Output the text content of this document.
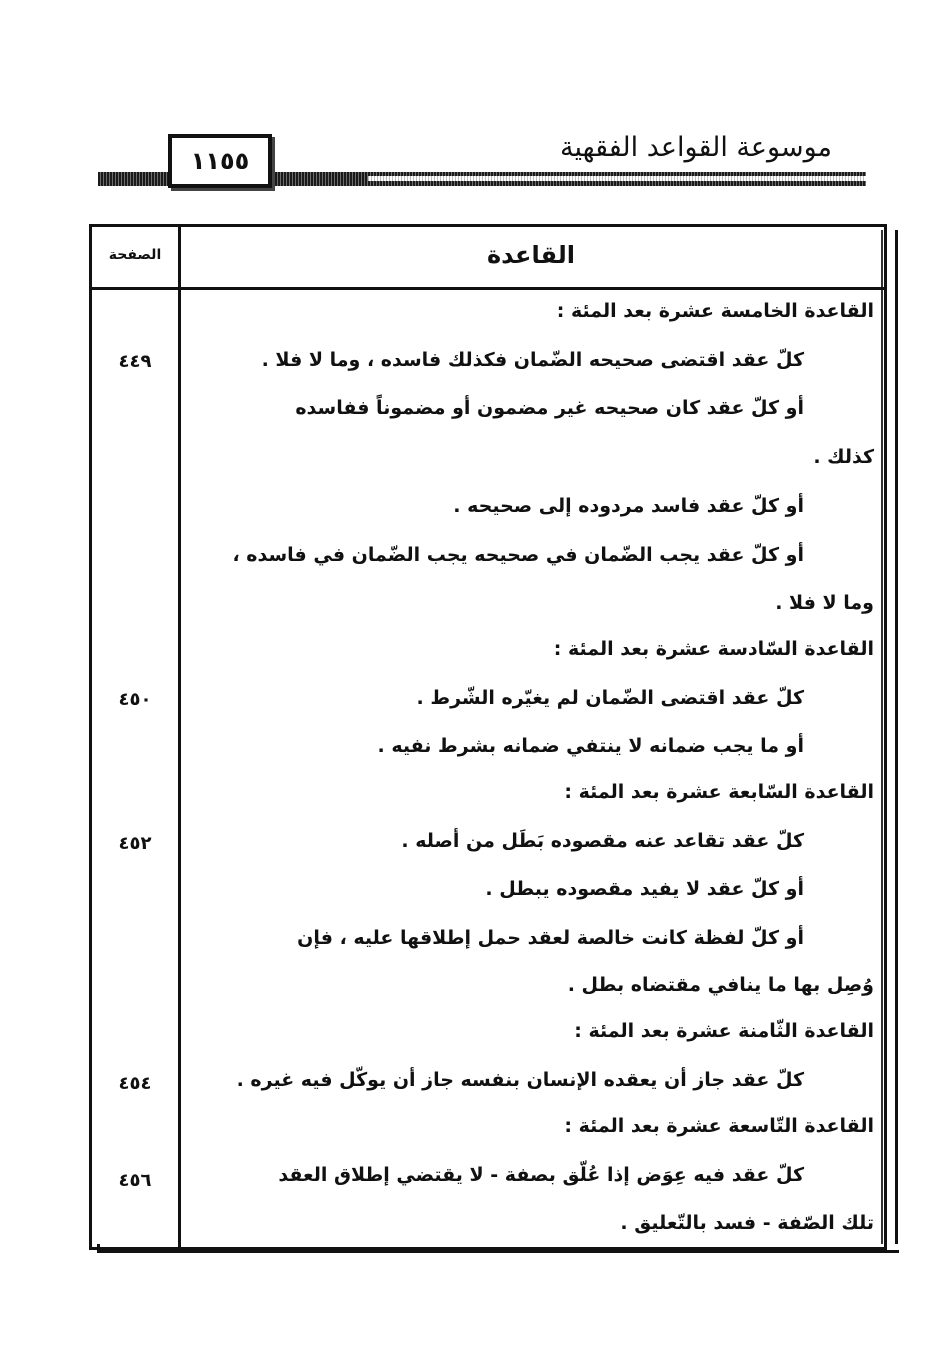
موسوعة القواعد الفقهية
١١٥٥
الصفحة	القاعدة
القاعدة الخامسة عشرة بعد المئة :
كلّ عقد اقتضى صحيحه الضّمان فكذلك فاسده ، وما لا فلا .
٤٤٩
أو كلّ عقد كان صحيحه غير مضمون أو مضموناً ففاسده
كذلك .
أو كلّ عقد فاسد مردوده إلى صحيحه .
أو كلّ عقد يجب الضّمان في صحيحه يجب الضّمان في فاسده ،
وما لا فلا .
القاعدة السّادسة عشرة بعد المئة :
كلّ عقد اقتضى الضّمان لم يغيّره الشّرط .
٤٥٠
أو ما يجب ضمانه لا ينتفي ضمانه بشرط نفيه .
القاعدة السّابعة عشرة بعد المئة :
كلّ عقد تقاعد عنه مقصوده بَطَل من أصله .
٤٥٢
أو كلّ عقد لا يفيد مقصوده يبطل .
أو كلّ لفظة كانت خالصة لعقد حمل إطلاقها عليه ، فإن
وُصِل بها ما ينافي مقتضاه بطل .
القاعدة الثّامنة عشرة بعد المئة :
كلّ عقد جاز أن يعقده الإنسان بنفسه جاز أن يوكّل فيه غيره .
٤٥٤
القاعدة التّاسعة عشرة بعد المئة :
كلّ عقد فيه عِوَض إذا عُلّق بصفة - لا يقتضي إطلاق العقد
٤٥٦
تلك الصّفة - فسد بالتّعليق .
